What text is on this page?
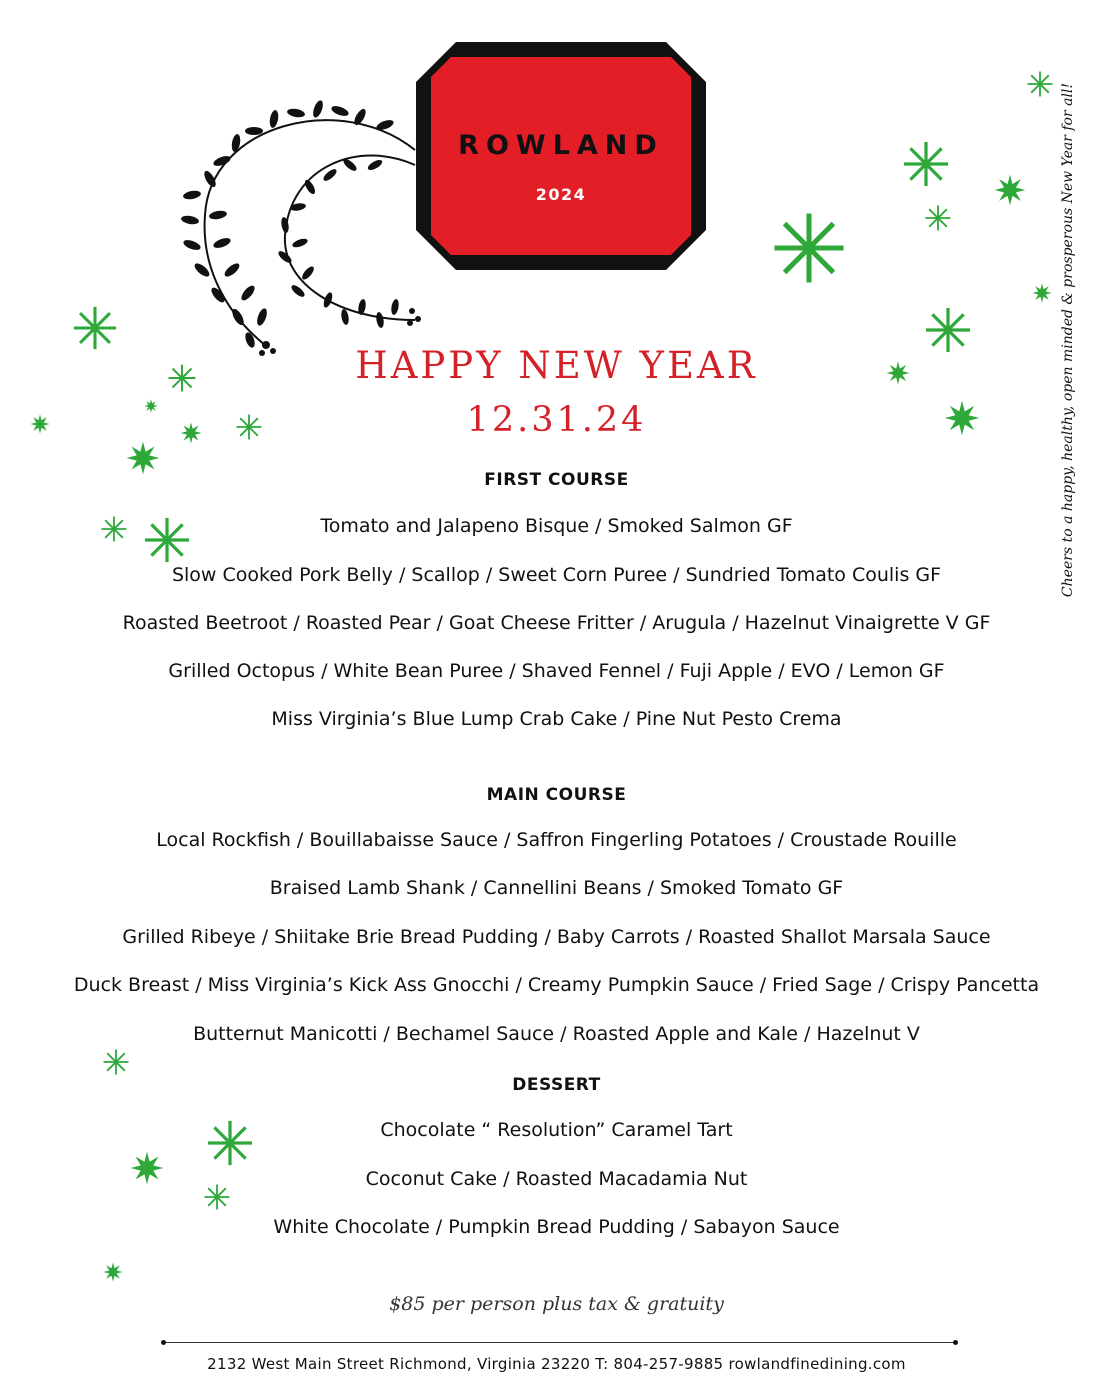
ROWLAND
2024
HAPPY NEW YEAR
12.31.24	Cheers to a happy, healthy, open minded & prosperous New Year for all!
FIRST COURSE
Tomato and Jalapeno Bisque / Smoked Salmon GF
Slow Cooked Pork Belly / Scallop / Sweet Corn Puree / Sundried Tomato Coulis GF
Roasted Beetroot / Roasted Pear / Goat Cheese Fritter / Arugula / Hazelnut Vinaigrette V GF
Grilled Octopus / White Bean Puree / Shaved Fennel / Fuji Apple / EVO / Lemon GF
Miss Virginia’s Blue Lump Crab Cake / Pine Nut Pesto Crema
MAIN COURSE
Local Rockfish / Bouillabaisse Sauce / Saffron Fingerling Potatoes / Croustade Rouille
Braised Lamb Shank / Cannellini Beans / Smoked Tomato GF
Grilled Ribeye / Shiitake Brie Bread Pudding / Baby Carrots / Roasted Shallot Marsala Sauce
Duck Breast / Miss Virginia’s Kick Ass Gnocchi / Creamy Pumpkin Sauce / Fried Sage / Crispy Pancetta
Butternut Manicotti / Bechamel Sauce / Roasted Apple and Kale / Hazelnut V
DESSERT
Chocolate “ Resolution” Caramel Tart
Coconut Cake / Roasted Macadamia Nut
White Chocolate / Pumpkin Bread Pudding / Sabayon Sauce
$85 per person plus tax & gratuity
2132 West Main Street Richmond, Virginia 23220 T: 804-257-9885 rowlandfinedining.com
